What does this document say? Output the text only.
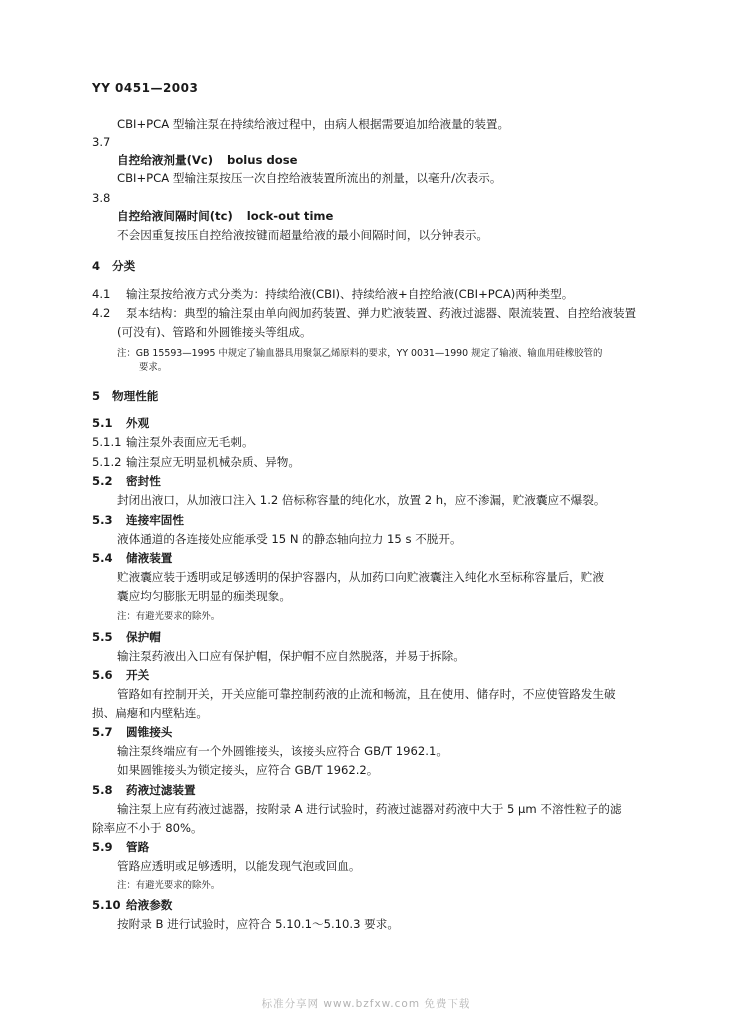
YY 0451—2003
CBI+PCA 型输注泵在持续给液过程中，由病人根据需要追加给液量的装置。
3.7
自控给液剂量(Vc) bolus dose
CBI+PCA 型输注泵按压一次自控给液装置所流出的剂量，以毫升/次表示。
3.8
自控给液间隔时间(tc) lock-out time
不会因重复按压自控给液按键而超量给液的最小间隔时间，以分钟表示。
4 分类
4.1 输注泵按给液方式分类为：持续给液(CBI)、持续给液+自控给液(CBI+PCA)两种类型。
4.2 泵本结构：典型的输注泵由单向阀加药装置、弹力贮液装置、药液过滤器、限流装置、自控给液装置
(可没有)、管路和外圆锥接头等组成。
注：GB 15593—1995 中规定了输血器具用聚氯乙烯原料的要求，YY 0031—1990 规定了输液、输血用硅橡胶管的
要求。
5 物理性能
5.1 外观
5.1.1 输注泵外表面应无毛刺。
5.1.2 输注泵应无明显机械杂质、异物。
5.2 密封性
封闭出液口，从加液口注入 1.2 倍标称容量的纯化水，放置 2 h，应不渗漏，贮液囊应不爆裂。
5.3 连接牢固性
液体通道的各连接处应能承受 15 N 的静态轴向拉力 15 s 不脱开。
5.4 储液装置
贮液囊应装于透明或足够透明的保护容器内，从加药口向贮液囊注入纯化水至标称容量后，贮液
囊应均匀膨胀无明显的痂类现象。
注：有避光要求的除外。
5.5 保护帽
输注泵药液出入口应有保护帽，保护帽不应自然脱落，并易于拆除。
5.6 开关
管路如有控制开关，开关应能可靠控制药液的止流和畅流，且在使用、储存时，不应使管路发生破
损、扁瘪和内壁粘连。
5.7 圆锥接头
输注泵终端应有一个外圆锥接头，该接头应符合 GB/T 1962.1。
如果圆锥接头为锁定接头，应符合 GB/T 1962.2。
5.8 药液过滤装置
输注泵上应有药液过滤器，按附录 A 进行试验时，药液过滤器对药液中大于 5 μm 不溶性粒子的滤
除率应不小于 80%。
5.9 管路
管路应透明或足够透明，以能发现气泡或回血。
注：有避光要求的除外。
5.10 给液参数
按附录 B 进行试验时，应符合 5.10.1～5.10.3 要求。
标准分享网 www.bzfxw.com 免费下载
